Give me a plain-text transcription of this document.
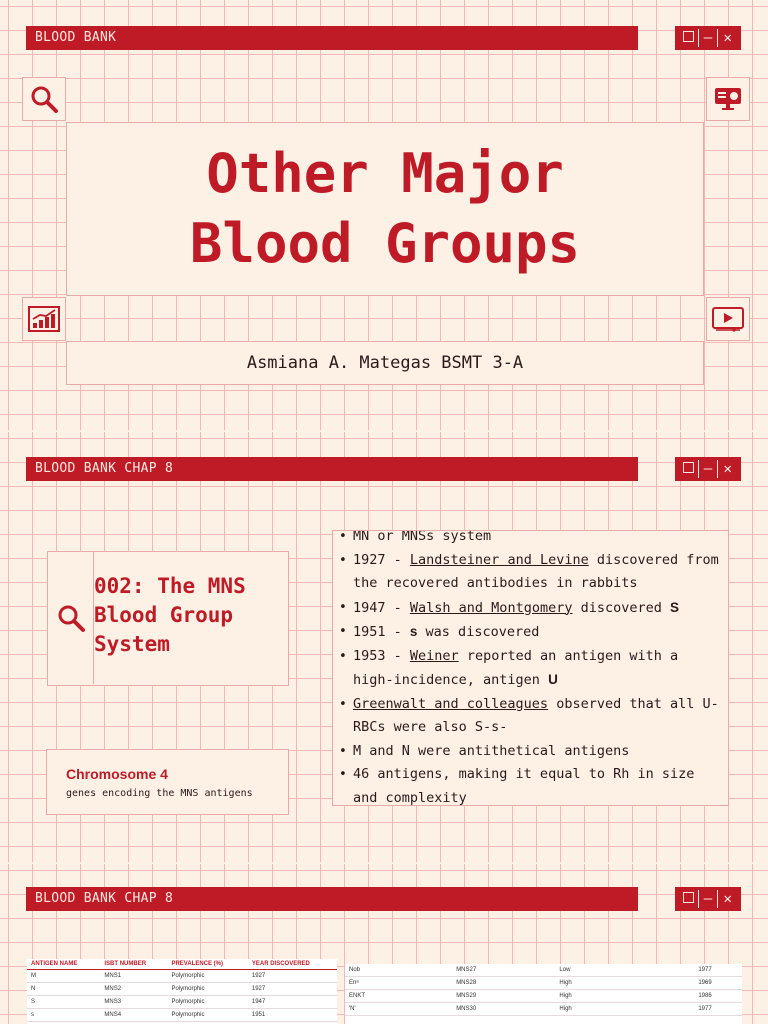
BLOOD BANK	– ✕
Other Major
Blood Groups
Asmiana A. Mategas BSMT 3-A
BLOOD BANK CHAP 8	– ✕
002: The MNS Blood Group System
Chromosome 4
genes encoding the MNS antigens
• MN or MNSs system
• 1927 - Landsteiner and Levine discovered from the recovered antibodies in rabbits
• 1947 - Walsh and Montgomery discovered S
• 1951 - s was discovered
• 1953 - Weiner reported an antigen with a high-incidence, antigen U
• Greenwalt and colleagues observed that all U- RBCs were also S-s-
• M and N were antithetical antigens
• 46 antigens, making it equal to Rh in size and complexity
BLOOD BANK CHAP 8	– ✕
ANTIGEN NAME	ISBT NUMBER	PREVALENCE (%)	YEAR DISCOVERED
M	MNS1	Polymorphic	1927
N	MNS2	Polymorphic	1927
S	MNS3	Polymorphic	1947
s	MNS4	Polymorphic	1951
Nob	MNS27	Low	1977
Enᵃ	MNS28	High	1969
ENKT	MNS29	High	1986
'N'	MNS30	High	1977
